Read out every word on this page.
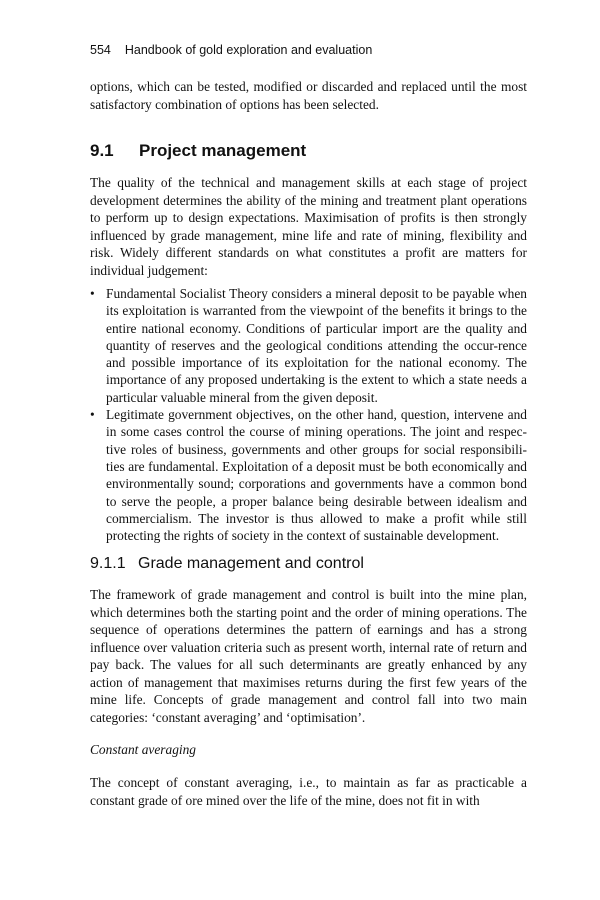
554 Handbook of gold exploration and evaluation

options, which can be tested, modified or discarded and replaced until the most satisfactory combination of options has been selected.

9.1 Project management

The quality of the technical and management skills at each stage of project development determines the ability of the mining and treatment plant operations to perform up to design expectations. Maximisation of profits is then strongly influenced by grade management, mine life and rate of mining, flexibility and risk. Widely different standards on what constitutes a profit are matters for individual judgement:

• Fundamental Socialist Theory considers a mineral deposit to be payable when its exploitation is warranted from the viewpoint of the benefits it brings to the entire national economy. Conditions of particular import are the quality and quantity of reserves and the geological conditions attending the occur-rence and possible importance of its exploitation for the national economy. The importance of any proposed undertaking is the extent to which a state needs a particular valuable mineral from the given deposit.
• Legitimate government objectives, on the other hand, question, intervene and in some cases control the course of mining operations. The joint and respec-tive roles of business, governments and other groups for social responsibili-ties are fundamental. Exploitation of a deposit must be both economically and environmentally sound; corporations and governments have a common bond to serve the people, a proper balance being desirable between idealism and commercialism. The investor is thus allowed to make a profit while still protecting the rights of society in the context of sustainable development.
9.1.1 Grade management and control

The framework of grade management and control is built into the mine plan, which determines both the starting point and the order of mining operations. The sequence of operations determines the pattern of earnings and has a strong influence over valuation criteria such as present worth, internal rate of return and pay back. The values for all such determinants are greatly enhanced by any action of management that maximises returns during the first few years of the mine life. Concepts of grade management and control fall into two main categories: ‘constant averaging’ and ‘optimisation’.

Constant averaging

The concept of constant averaging, i.e., to maintain as far as practicable a constant grade of ore mined over the life of the mine, does not fit in with
